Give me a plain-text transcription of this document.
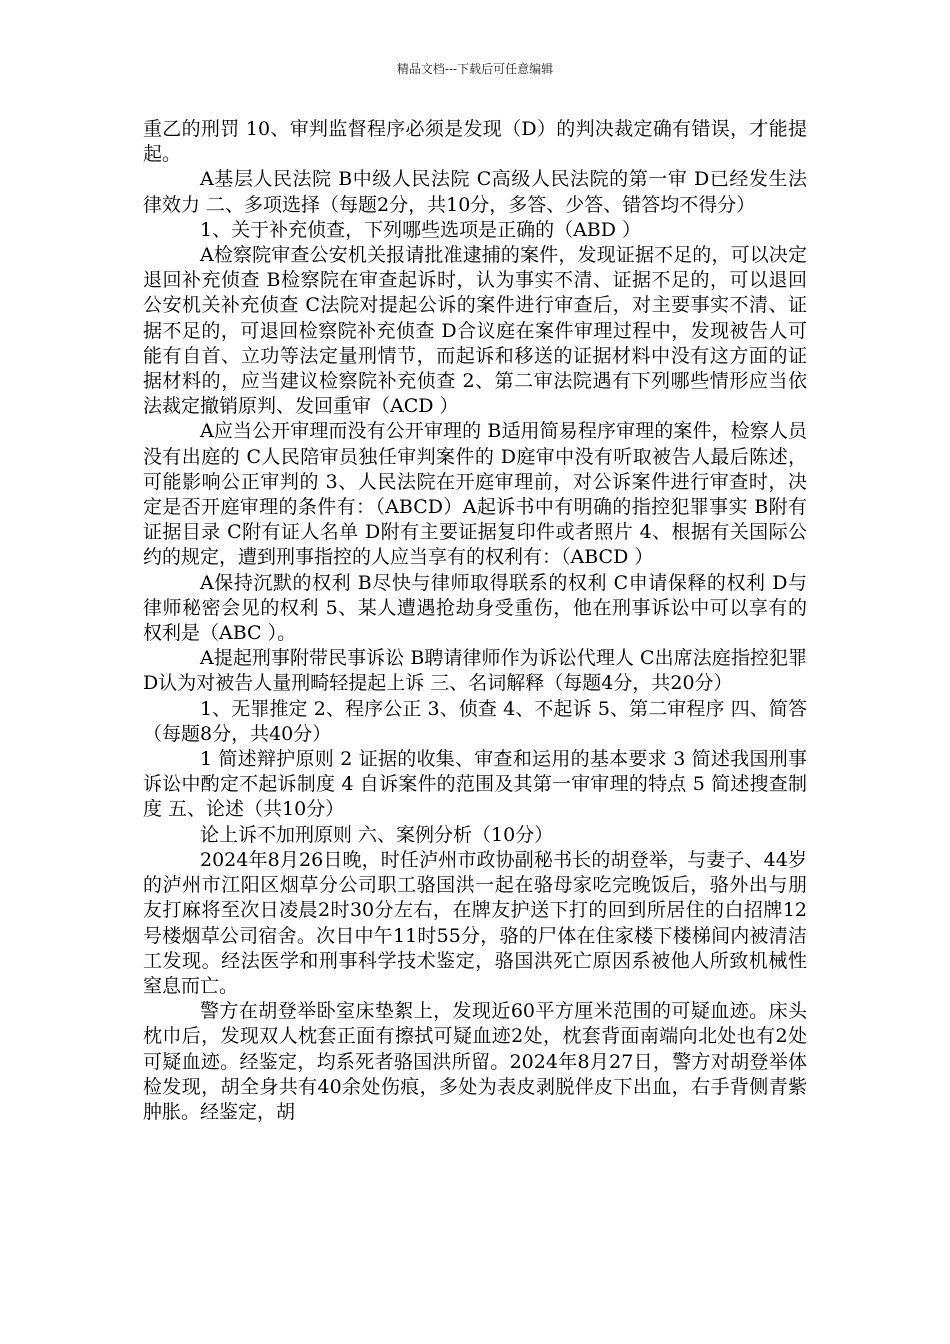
精品文档---下载后可任意编辑

重乙的刑罚 10、审判监督程序必须是发现（D）的判决裁定确有错误，才能提起。

A基层人民法院 B中级人民法院 C高级人民法院的第一审 D已经发生法律效力 二、多项选择（每题2分，共10分，多答、少答、错答均不得分）

1、关于补充侦查，下列哪些选项是正确的（ABD ）

A检察院审查公安机关报请批准逮捕的案件，发现证据不足的，可以决定退回补充侦查 B检察院在审查起诉时，认为事实不清、证据不足的，可以退回公安机关补充侦查 C法院对提起公诉的案件进行审查后，对主要事实不清、证据不足的，可退回检察院补充侦查 D合议庭在案件审理过程中，发现被告人可能有自首、立功等法定量刑情节，而起诉和移送的证据材料中没有这方面的证据材料的，应当建议检察院补充侦查 2、第二审法院遇有下列哪些情形应当依法裁定撤销原判、发回重审（ACD ）

A应当公开审理而没有公开审理的 B适用简易程序审理的案件，检察人员没有出庭的 C人民陪审员独任审判案件的 D庭审中没有听取被告人最后陈述，可能影响公正审判的 3、人民法院在开庭审理前，对公诉案件进行审查时，决定是否开庭审理的条件有：（ABCD）A起诉书中有明确的指控犯罪事实 B附有证据目录 C附有证人名单 D附有主要证据复印件或者照片 4、根据有关国际公约的规定，遭到刑事指控的人应当享有的权利有：（ABCD ）

A保持沉默的权利 B尽快与律师取得联系的权利 C申请保释的权利 D与律师秘密会见的权利 5、某人遭遇抢劫身受重伤，他在刑事诉讼中可以享有的权利是（ABC ）。

A提起刑事附带民事诉讼 B聘请律师作为诉讼代理人 C出席法庭指控犯罪 D认为对被告人量刑畸轻提起上诉 三、名词解释（每题4分，共20分）

1、无罪推定 2、程序公正 3、侦查 4、不起诉 5、第二审程序 四、简答（每题8分，共40分）

1 简述辩护原则 2 证据的收集、审查和运用的基本要求 3 简述我国刑事诉讼中酌定不起诉制度 4 自诉案件的范围及其第一审审理的特点 5 简述搜查制度 五、论述（共10分）

论上诉不加刑原则 六、案例分析（10分）

2024年8月26日晚，时任泸州市政协副秘书长的胡登举，与妻子、44岁的泸州市江阳区烟草分公司职工骆国洪一起在骆母家吃完晚饭后，骆外出与朋友打麻将至次日凌晨2时30分左右，在牌友护送下打的回到所居住的白招牌12号楼烟草公司宿舍。次日中午11时55分，骆的尸体在住家楼下楼梯间内被清洁工发现。经法医学和刑事科学技术鉴定，骆国洪死亡原因系被他人所致机械性窒息而亡。

警方在胡登举卧室床垫絮上，发现近60平方厘米范围的可疑血迹。床头枕巾后，发现双人枕套正面有擦拭可疑血迹2处，枕套背面南端向北处也有2处可疑血迹。经鉴定，均系死者骆国洪所留。2024年8月27日，警方对胡登举体检发现，胡全身共有40余处伤痕，多处为表皮剥脱伴皮下出血，右手背侧青紫肿胀。经鉴定，胡
